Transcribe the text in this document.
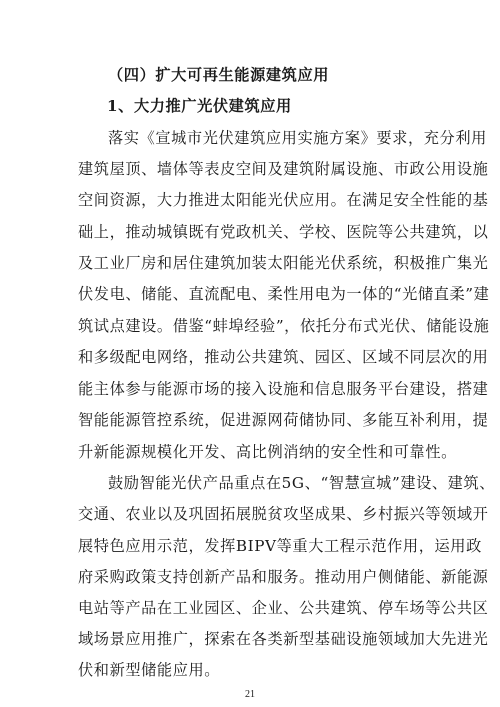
（四）扩大可再生能源建筑应用
1、大力推广光伏建筑应用
落实《宣城市光伏建筑应用实施方案》要求，充分利用
建筑屋顶、墙体等表皮空间及建筑附属设施、市政公用设施
空间资源，大力推进太阳能光伏应用。在满足安全性能的基
础上，推动城镇既有党政机关、学校、医院等公共建筑，以
及工业厂房和居住建筑加装太阳能光伏系统，积极推广集光
伏发电、储能、直流配电、柔性用电为一体的“光储直柔”建
筑试点建设。借鉴“蚌埠经验”，依托分布式光伏、储能设施
和多级配电网络，推动公共建筑、园区、区域不同层次的用
能主体参与能源市场的接入设施和信息服务平台建设，搭建
智能能源管控系统，促进源网荷储协同、多能互补利用，提
升新能源规模化开发、高比例消纳的安全性和可靠性。
鼓励智能光伏产品重点在5G、“智慧宣城”建设、建筑、
交通、农业以及巩固拓展脱贫攻坚成果、乡村振兴等领域开
展特色应用示范，发挥BIPV等重大工程示范作用，运用政
府采购政策支持创新产品和服务。推动用户侧储能、新能源
电站等产品在工业园区、企业、公共建筑、停车场等公共区
域场景应用推广，探索在各类新型基础设施领域加大先进光
伏和新型储能应用。
21
